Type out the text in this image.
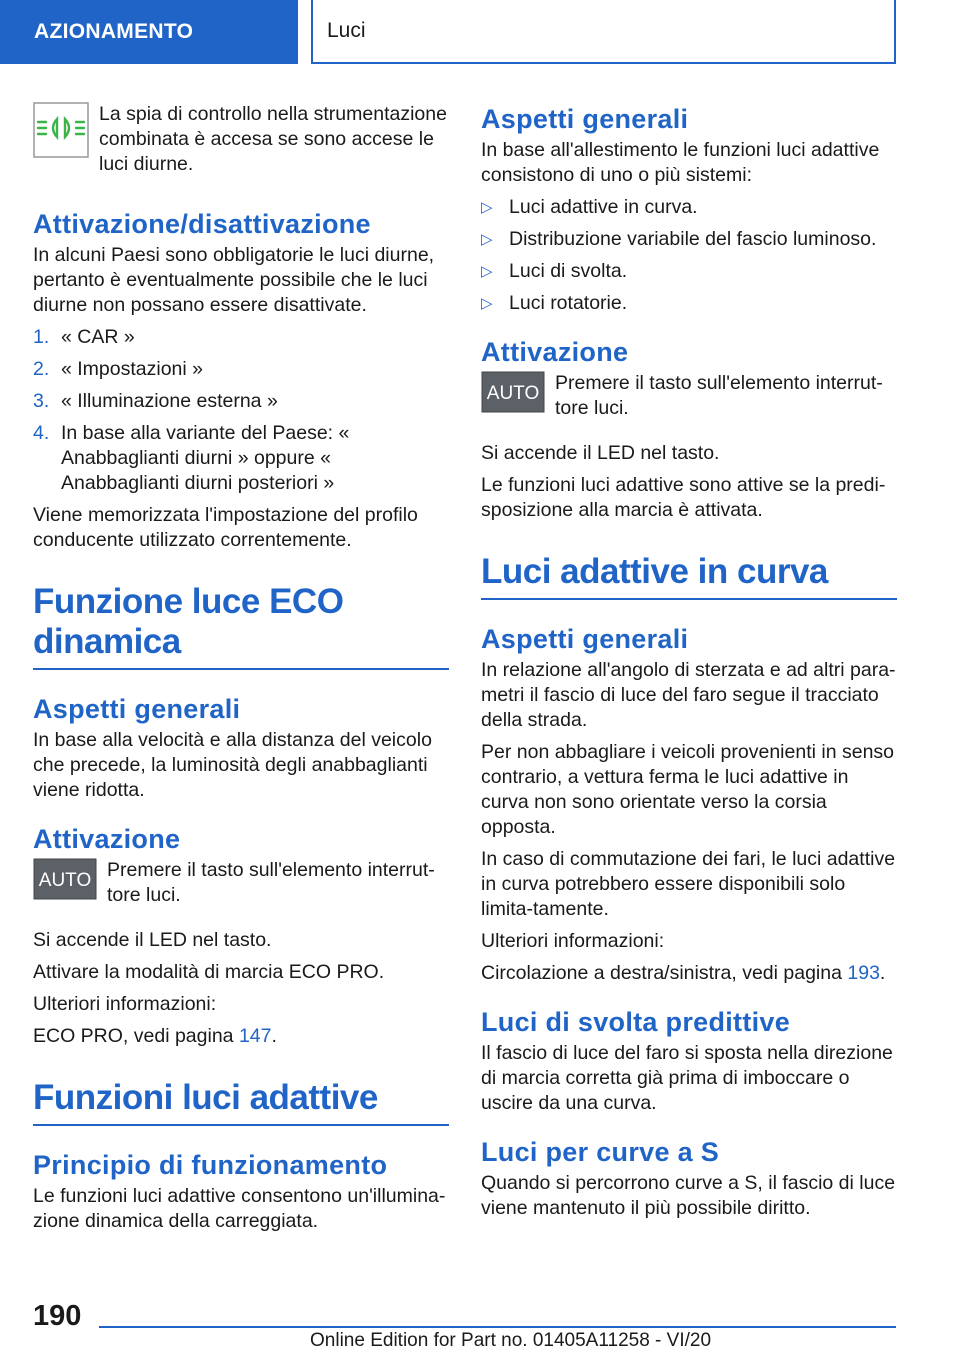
AZIONAMENTO	Luci

La spia di controllo nella strumentazione combinata è accesa se sono accese le luci diurne.

Attivazione/disattivazione

In alcuni Paesi sono obbligatorie le luci diurne, pertanto è eventualmente possibile che le luci diurne non possano essere disattivate.

1. « CAR »
2. « Impostazioni »
3. « Illuminazione esterna »
4. In base alla variante del Paese: « Anabbaglianti diurni » oppure « Anabbaglianti diurni posteriori »

Viene memorizzata l'impostazione del profilo conducente utilizzato correntemente.

Funzione luce ECO dinamica
Aspetti generali

In base alla velocità e alla distanza del veicolo che precede, la luminosità degli anabbaglianti viene ridotta.

Attivazione
AUTO Premere il tasto sull'elemento interrut-tore luci.

Si accende il LED nel tasto.

Attivare la modalità di marcia ECO PRO.

Ulteriori informazioni:

ECO PRO, vedi pagina 147.

Funzioni luci adattive
Principio di funzionamento

Le funzioni luci adattive consentono un'illumina-zione dinamica della carreggiata.

Aspetti generali

In base all'allestimento le funzioni luci adattive consistono di uno o più sistemi:

▷ Luci adattive in curva.
▷ Distribuzione variabile del fascio luminoso.
▷ Luci di svolta.
▷ Luci rotatorie.
Attivazione
AUTO Premere il tasto sull'elemento interrut-tore luci.

Si accende il LED nel tasto.

Le funzioni luci adattive sono attive se la predi-sposizione alla marcia è attivata.

Luci adattive in curva
Aspetti generali

In relazione all'angolo di sterzata e ad altri para-metri il fascio di luce del faro segue il tracciato della strada.

Per non abbagliare i veicoli provenienti in senso contrario, a vettura ferma le luci adattive in curva non sono orientate verso la corsia opposta.

In caso di commutazione dei fari, le luci adattive in curva potrebbero essere disponibili solo limita-tamente.

Ulteriori informazioni:

Circolazione a destra/sinistra, vedi pagina 193.

Luci di svolta predittive

Il fascio di luce del faro si sposta nella direzione di marcia corretta già prima di imboccare o uscire da una curva.

Luci per curve a S

Quando si percorrono curve a S, il fascio di luce viene mantenuto il più possibile diritto.

190
Online Edition for Part no. 01405A11258 - VI/20
